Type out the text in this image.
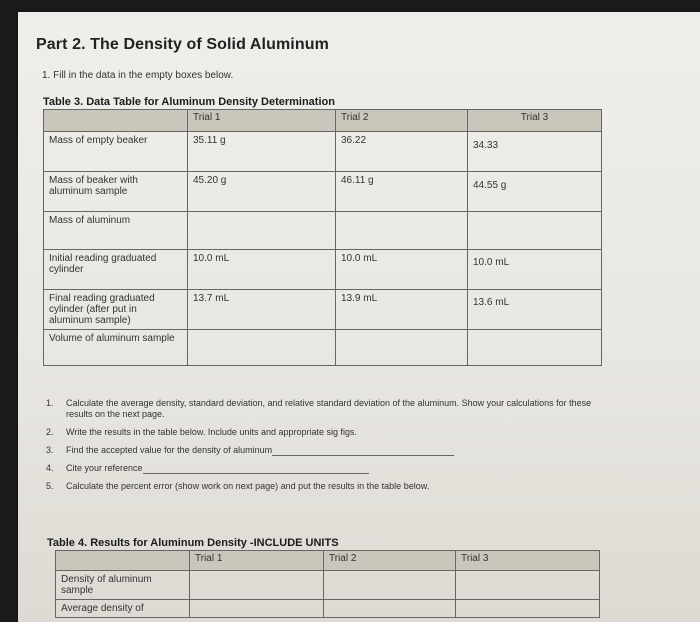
Part 2. The Density of Solid Aluminum
1. Fill in the data in the empty boxes below.
Table 3. Data Table for Aluminum Density Determination
	Trial 1	Trial 2	Trial 3
Mass of empty beaker	35.11 g	36.22	34.33
Mass of beaker with aluminum sample	45.20 g	46.11 g	44.55 g
Mass of aluminum			
Initial reading graduated cylinder	10.0 mL	10.0 mL	10.0 mL
Final reading graduated cylinder (after put in aluminum sample)	13.7 mL	13.9 mL	13.6 mL
Volume of aluminum sample			
1. Calculate the average density, standard deviation, and relative standard deviation of the aluminum. Show your calculations for these results on the next page.
2. Write the results in the table below. Include units and appropriate sig figs.
3. Find the accepted value for the density of aluminum
4. Cite your reference
5. Calculate the percent error (show work on next page) and put the results in the table below.
Table 4. Results for Aluminum Density -INCLUDE UNITS
	Trial 1	Trial 2	Trial 3
Density of aluminum sample			
Average density of			
